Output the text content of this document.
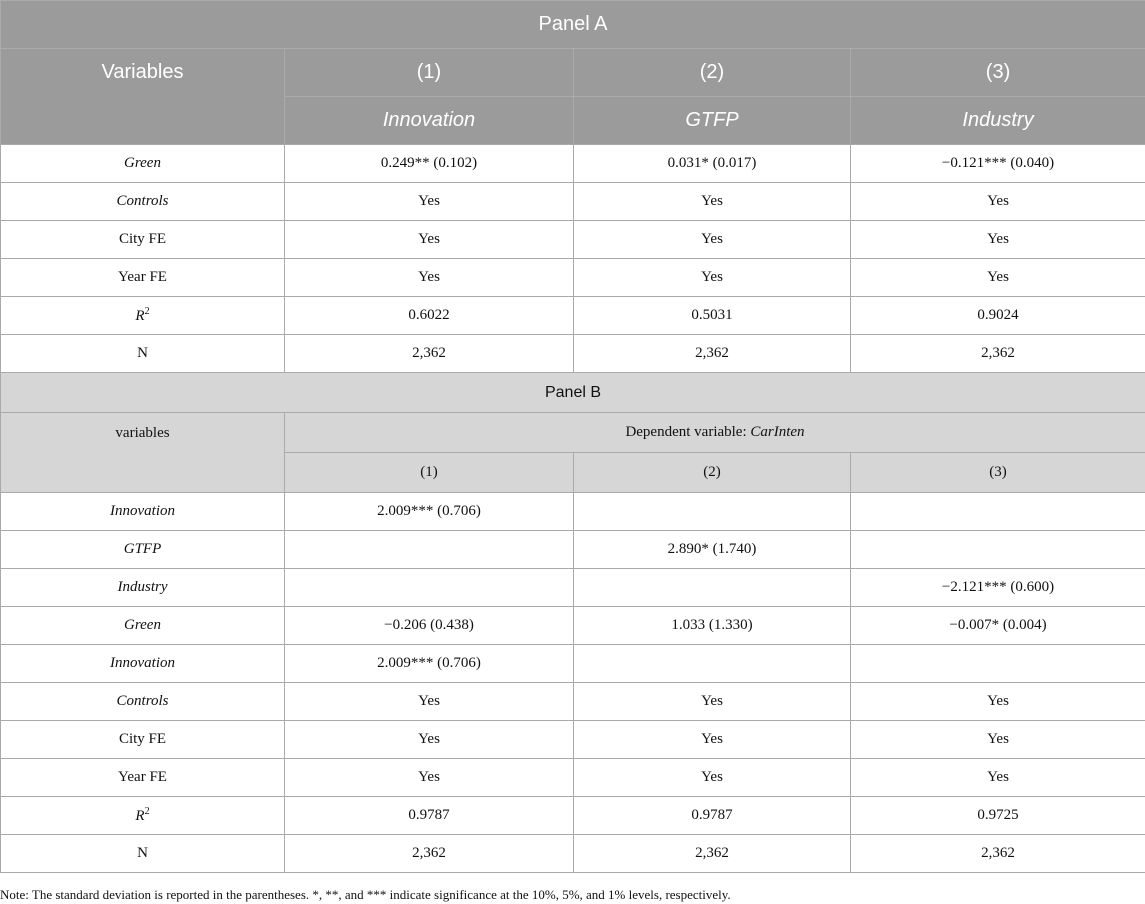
Panel A			
Variables	(1)	(2)	(3)
	Innovation	GTFP	Industry
Green	0.249** (0.102)	0.031* (0.017)	−0.121*** (0.040)
Controls	Yes	Yes	Yes
City FE	Yes	Yes	Yes
Year FE	Yes	Yes	Yes
$R^2$	0.6022	0.5031	0.9024
N	2,362	2,362	2,362
Panel B			
variables	Dependent variable: CarInten		
	(1)	(2)	(3)
Innovation	2.009*** (0.706)		
GTFP		2.890* (1.740)	
Industry			−2.121*** (0.600)
Green	−0.206 (0.438)	1.033 (1.330)	−0.007* (0.004)
Innovation	2.009*** (0.706)		
Controls	Yes	Yes	Yes
City FE	Yes	Yes	Yes
Year FE	Yes	Yes	Yes
$R^2$	0.9787	0.9787	0.9725
N	2,362	2,362	2,362
Note: The standard deviation is reported in the parentheses. *, **, and *** indicate significance at the 10%, 5%, and 1% levels, respectively.
